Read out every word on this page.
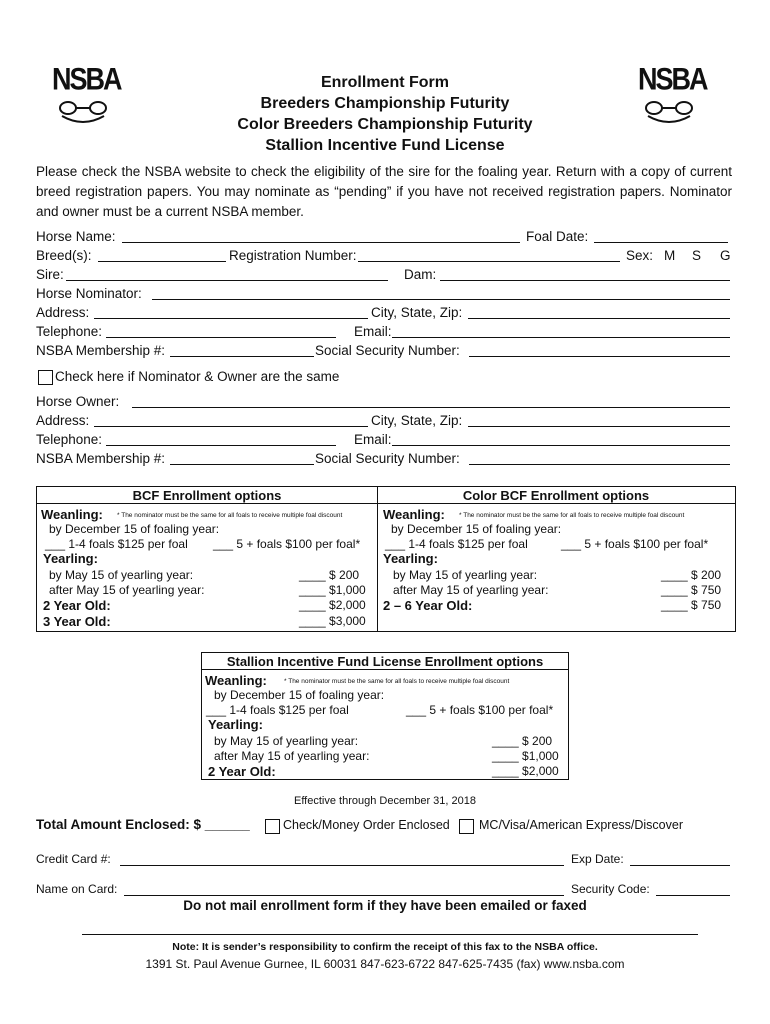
NSBA	NSBA
Enrollment Form
Breeders Championship Futurity
Color Breeders Championship Futurity
Stallion Incentive Fund License
Please check the NSBA website to check the eligibility of the sire for the foaling year. Return with a copy of current breed registration papers. You may nominate as “pending” if you have not received registration papers. Nominator and owner must be a current NSBA member.
Horse Name:	Foal Date:
Breed(s):	Registration Number:	Sex: M S G
Sire:	Dam:
Horse Nominator:
Address:	City, State, Zip:
Telephone:	Email:
NSBA Membership #:	Social Security Number:
Check here if Nominator & Owner are the same
Horse Owner:
Address:	City, State, Zip:
Telephone:	Email:
NSBA Membership #:	Social Security Number:
BCF Enrollment options
Weanling: * The nominator must be the same for all foals to receive multiple foal discount
by December 15 of foaling year:
___ 1-4 foals $125 per foal ___ 5 + foals $100 per foal*
Yearling:
by May 15 of yearling year:	____ $ 200
after May 15 of yearling year:	____ $1,000
2 Year Old:	____ $2,000
3 Year Old:	____ $3,000
Color BCF Enrollment options
Weanling: * The nominator must be the same for all foals to receive multiple foal discount
by December 15 of foaling year:
___ 1-4 foals $125 per foal	___ 5 + foals $100 per foal*
Yearling:
by May 15 of yearling year:	____ $ 200
after May 15 of yearling year:	____ $ 750
2 – 6 Year Old:	____ $ 750
Stallion Incentive Fund License Enrollment options
Weanling:	* The nominator must be the same for all foals to receive multiple foal discount
by December 15 of foaling year:
___ 1-4 foals $125 per foal	___ 5 + foals $100 per foal*
Yearling:
by May 15 of yearling year:	____ $ 200
after May 15 of yearling year:	____ $1,000
2 Year Old:	____ $2,000
Effective through December 31, 2018
Total Amount Enclosed: $ ______	Check/Money Order Enclosed MC/Visa/American Express/Discover
Credit Card #:	Exp Date:
Name on Card:	Security Code:
Do not mail enrollment form if they have been emailed or faxed
Note: It is sender’s responsibility to confirm the receipt of this fax to the NSBA office.
1391 St. Paul Avenue Gurnee, IL 60031 847-623-6722 847-625-7435 (fax) www.nsba.com
